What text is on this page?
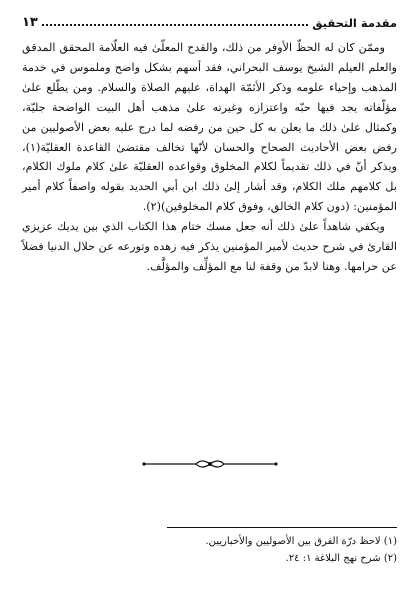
مقدمة التحقيق
١٣

وممّن كان له الحظّ الأوفر من ذلك، والقدح المعلّىٰ فيه العلّامة المحقق المدقق والعلم العيلم الشيخ يوسف البحراني، فقد أسهم بشكل واضح وملموس في خدمة المذهب وإحياء علومه وذكر الأئمّة الهداة، عليهم الصلاة والسلام. ومن يطّلع علىٰ مؤلّفاته يجد فيها حبّه واعتزازه وغيرته علىٰ مذهب أهل البيت الواضحة جليّة، وكمثال علىٰ ذلك ما يعلن به كل حين من رفضه لما درج عليه بعض الأصوليين من رفض بعض الأحاديث الصحاح والحسان لأنّها تخالف مقتضىٰ القاعدة العقليّة(١)، ويذكر أنّ في ذلك تقديماً لكلام المخلوق وقواعده العقليّة علىٰ كلام ملوك الكلام، بل كلامهم ملك الكلام، وقد أشار إلىٰ ذلك ابن أبي الحديد بقوله واصفاً كلام أمير المؤمنين: (دون كلام الخالق، وفوق كلام المخلوقين)(٢).

ويكفي شاهداً علىٰ ذلك أنه جعل مسك ختام هذا الكتاب الذي بين يديك عزيزي القارئ في شرح حديث لأمير المؤمنين يذكر فيه زهده وتورعه عن حلال الدنيا فضلاً عن حرامها. وهنا لابدّ من وقفة لنا مع المؤلِّف والمؤلَّف.

(١) لاحظ درّة الفرق بين الأصوليين والأخباريين.
(٢) شرح نهج البلاغة ١: ٢٤.
